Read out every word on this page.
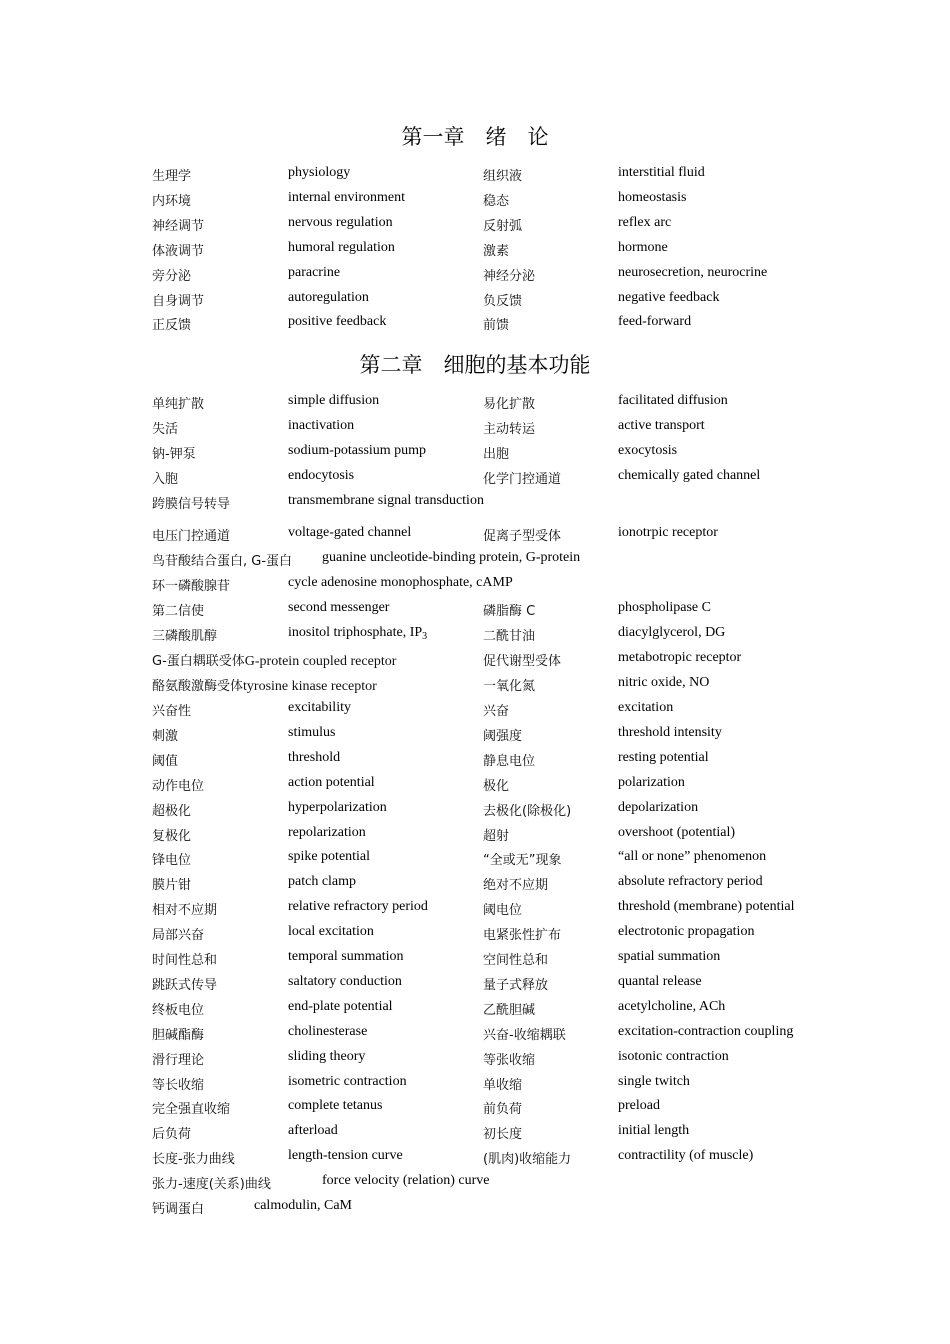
第一章　绪　论
生理学	physiology	组织液	interstitial fluid
内环境	internal environment	稳态	homeostasis
神经调节	nervous regulation	反射弧	reflex arc
体液调节	humoral regulation	激素	hormone
旁分泌	paracrine	神经分泌	neurosecretion, neurocrine
自身调节	autoregulation	负反馈	negative feedback
正反馈	positive feedback	前馈	feed-forward
第二章　细胞的基本功能
单纯扩散	simple diffusion	易化扩散	facilitated diffusion
失活	inactivation	主动转运	active transport
钠-钾泵	sodium-potassium pump	出胞	exocytosis
入胞	endocytosis	化学门控通道	chemically gated channel
跨膜信号转导	transmembrane signal transduction
电压门控通道	voltage-gated channel	促离子型受体	ionotrpic receptor
鸟苷酸结合蛋白, G-蛋白 guanine uncleotide-binding protein, G-protein
环一磷酸腺苷	cycle adenosine monophosphate, cAMP
第二信使	second messenger	磷脂酶 C	phospholipase C
三磷酸肌醇	inositol triphosphate, $IP_3$	二酰甘油	diacylglycerol, DG
G-蛋白耦联受体G-protein coupled receptor	促代谢型受体	metabotropic receptor
酪氨酸激酶受体tyrosine kinase receptor	一氧化氮	nitric oxide, NO
兴奋性	excitability	兴奋	excitation
刺激	stimulus	阈强度	threshold intensity
阈值	threshold	静息电位	resting potential
动作电位	action potential	极化	polarization
超极化	hyperpolarization	去极化(除极化)	depolarization
复极化	repolarization	超射	overshoot (potential)
锋电位	spike potential	“全或无”现象	“all or none” phenomenon
膜片钳	patch clamp	绝对不应期	absolute refractory period
相对不应期	relative refractory period	阈电位	threshold (membrane) potential
局部兴奋	local excitation	电紧张性扩布	electrotonic propagation
时间性总和	temporal summation	空间性总和	spatial summation
跳跃式传导	saltatory conduction	量子式释放	quantal release
终板电位	end-plate potential	乙酰胆碱	acetylcholine, ACh
胆碱酯酶	cholinesterase	兴奋-收缩耦联	excitation-contraction coupling
滑行理论	sliding theory	等张收缩	isotonic contraction
等长收缩	isometric contraction	单收缩	single twitch
完全强直收缩	complete tetanus	前负荷	preload
后负荷	afterload	初长度	initial length
长度-张力曲线	length-tension curve	(肌肉)收缩能力	contractility (of muscle)
张力-速度(关系)曲线	force velocity (relation) curve
钙调蛋白	calmodulin, CaM
